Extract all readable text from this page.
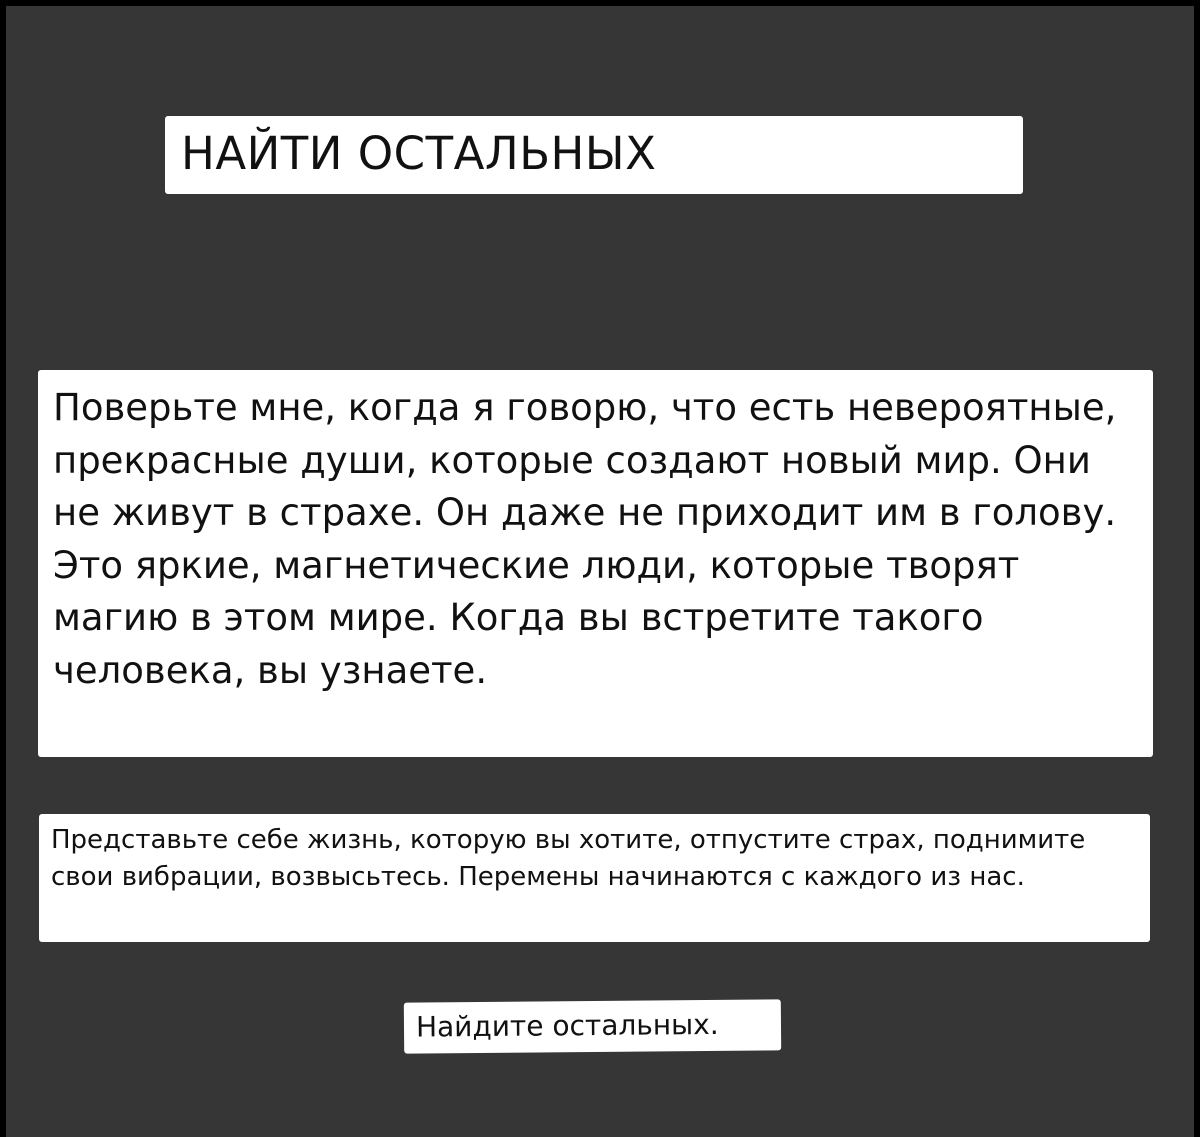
НАЙТИ ОСТАЛЬНЫХ
Поверьте мне, когда я говорю, что есть невероятные, прекрасные души, которые создают новый мир. Они не живут в страхе. Он даже не приходит им в голову. Это яркие, магнетические люди, которые творят магию в этом мире. Когда вы встретите такого человека, вы узнаете.
Представьте себе жизнь, которую вы хотите, отпустите страх, поднимите свои вибрации, возвысьтесь. Перемены начинаются с каждого из нас.
Найдите остальных.
